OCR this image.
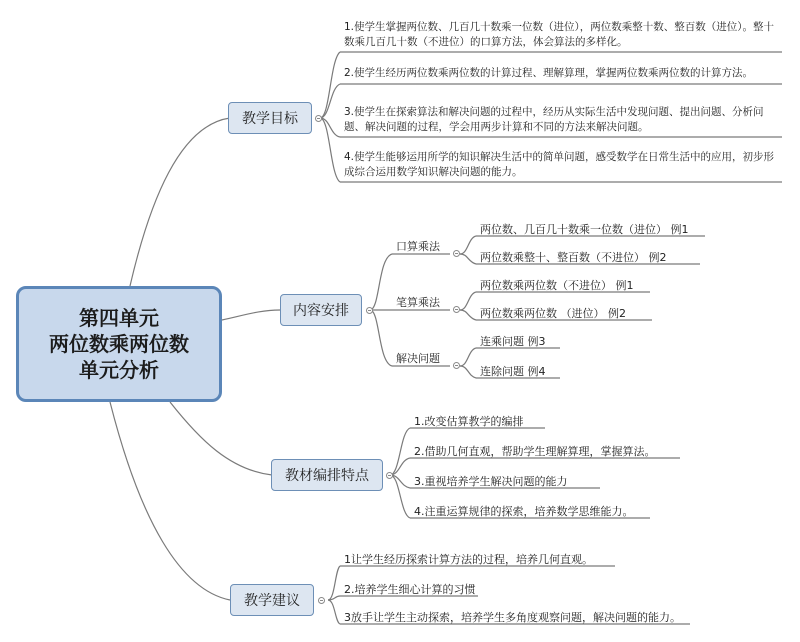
第四单元
两位数乘两位数
单元分析
教学目标
1.使学生掌握两位数、几百几十数乘一位数（进位），两位数乘整十数、整百数（进位）。整十数乘几百几十数（不进位）的口算方法，体会算法的多样化。
2.使学生经历两位数乘两位数的计算过程、理解算理，掌握两位数乘两位数的计算方法。
3.使学生在探索算法和解决问题的过程中，经历从实际生活中发现问题、提出问题、分析问题、解决问题的过程，学会用两步计算和不同的方法来解决问题。
4.使学生能够运用所学的知识解决生活中的简单问题，感受数学在日常生活中的应用，初步形成综合运用数学知识解决问题的能力。
内容安排
口算乘法
两位数、几百几十数乘一位数（进位） 例1
两位数乘整十、整百数（不进位） 例2
笔算乘法
两位数乘两位数（不进位） 例1
两位数乘两位数 （进位） 例2
解决问题
连乘问题 例3
连除问题 例4
教材编排特点
1.改变估算教学的编排
2.借助几何直观，帮助学生理解算理，掌握算法。
3.重视培养学生解决问题的能力
4.注重运算规律的探索，培养数学思维能力。
教学建议
1让学生经历探索计算方法的过程，培养几何直观。
2.培养学生细心计算的习惯
3放手让学生主动探索，培养学生多角度观察问题，解决问题的能力。
